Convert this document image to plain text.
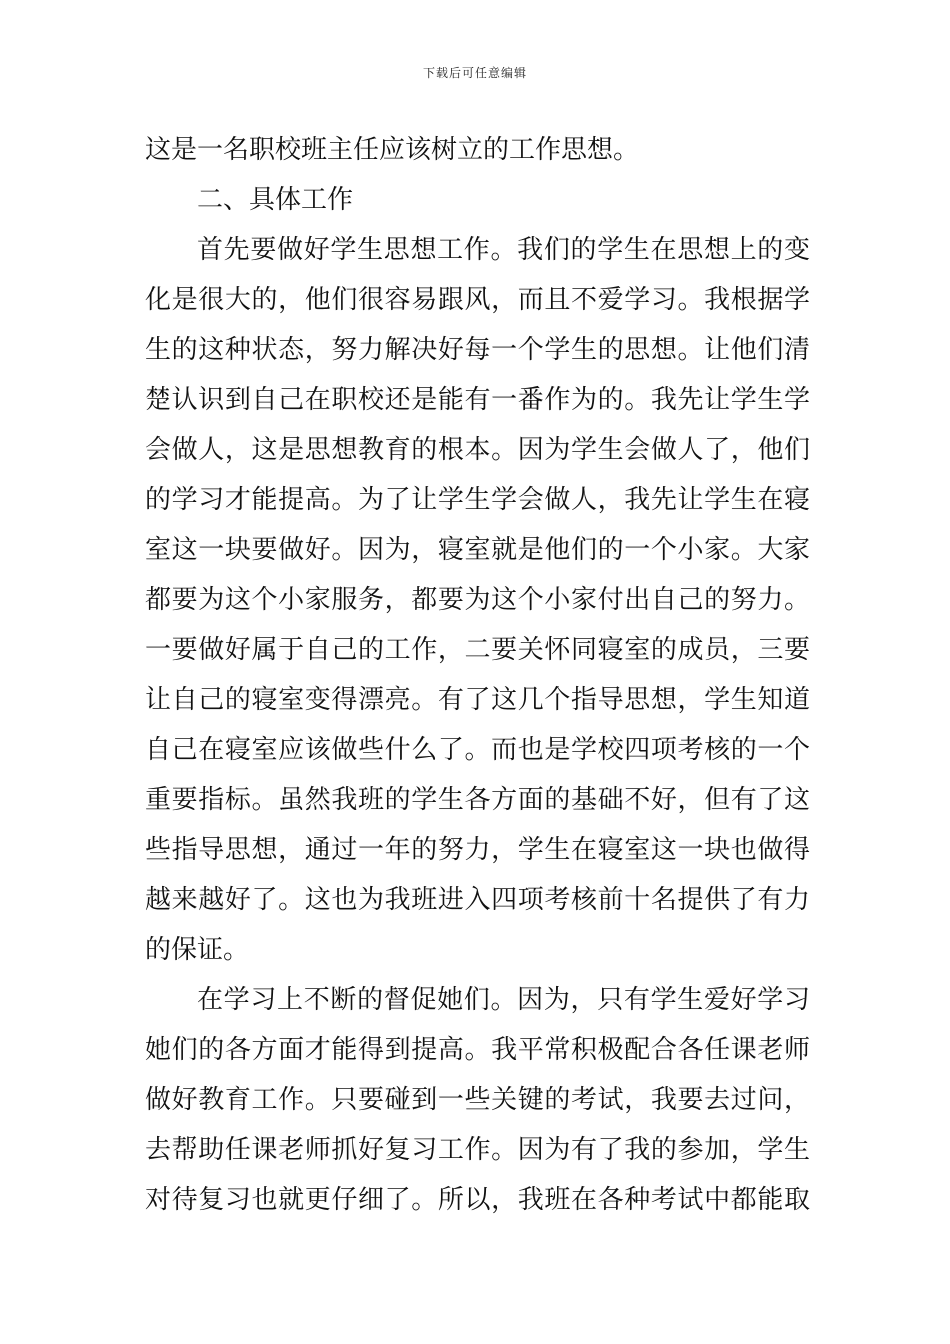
下载后可任意编辑
这是一名职校班主任应该树立的工作思想。
二、具体工作
首先要做好学生思想工作。我们的学生在思想上的变
化是很大的，他们很容易跟风，而且不爱学习。我根据学
生的这种状态，努力解决好每一个学生的思想。让他们清
楚认识到自己在职校还是能有一番作为的。我先让学生学
会做人，这是思想教育的根本。因为学生会做人了，他们
的学习才能提高。为了让学生学会做人，我先让学生在寝
室这一块要做好。因为，寝室就是他们的一个小家。大家
都要为这个小家服务，都要为这个小家付出自己的努力。
一要做好属于自己的工作，二要关怀同寝室的成员，三要
让自己的寝室变得漂亮。有了这几个指导思想，学生知道
自己在寝室应该做些什么了。而也是学校四项考核的一个
重要指标。虽然我班的学生各方面的基础不好，但有了这
些指导思想，通过一年的努力，学生在寝室这一块也做得
越来越好了。这也为我班进入四项考核前十名提供了有力
的保证。
在学习上不断的督促她们。因为，只有学生爱好学习
她们的各方面才能得到提高。我平常积极配合各任课老师
做好教育工作。只要碰到一些关键的考试，我要去过问，
去帮助任课老师抓好复习工作。因为有了我的参加，学生
对待复习也就更仔细了。所以，我班在各种考试中都能取
